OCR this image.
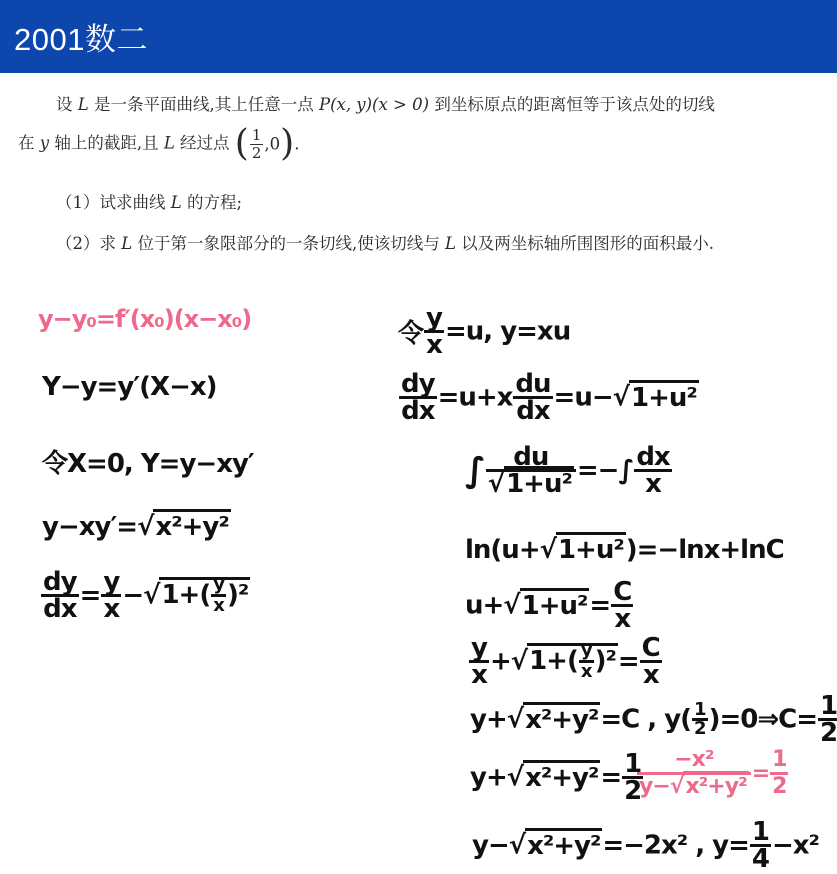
2001数二
设 L 是一条平面曲线,其上任意一点 P(x, y)(x > 0) 到坐标原点的距离恒等于该点处的切线
在 y 轴上的截距,且 L 经过点 ( $\frac{1}{2} ,0$).
（1）试求曲线 L 的方程;
（2）求 L 位于第一象限部分的一条切线,使该切线与 L 以及两坐标轴所围图形的面积最小.
y−y₀=f′(x₀)(x−x₀)
Y−y=y′(X−x)
令X=0, Y=y−xy′
y−xy′=√x²+y²
$\frac{dy}{dx} = \frac{y}{x} -√1+( \frac{y}{x} )^2$
令 $\frac{y}{x} =u$, y=xu
$\frac{dy}{dx} =u+x \frac{du}{dx} =u-√1+u^2$
∫ $\frac{du}{\text{√1+u²}}$ =−∫ $\frac{dx}{x}$
ln(u+√1+u²)=−lnx+lnC
$u+√1+u^2= \frac{C}{x}$
$\frac{y}{x} +√1+( \frac{y}{x} )^2= \frac{C}{x}$
y+√x²+y²=C , $y( \frac{1}{2}$ )=0⇒C= $\frac{1}{2}$
$y+√x^2+y^2= \frac{1}{2}$
$\frac{\text{−x²}}{\text{y−√x²+y²}} = \frac{1}{2}$
y−√x²+y²=−2x² , $y= \frac{1}{4} -x^2$
